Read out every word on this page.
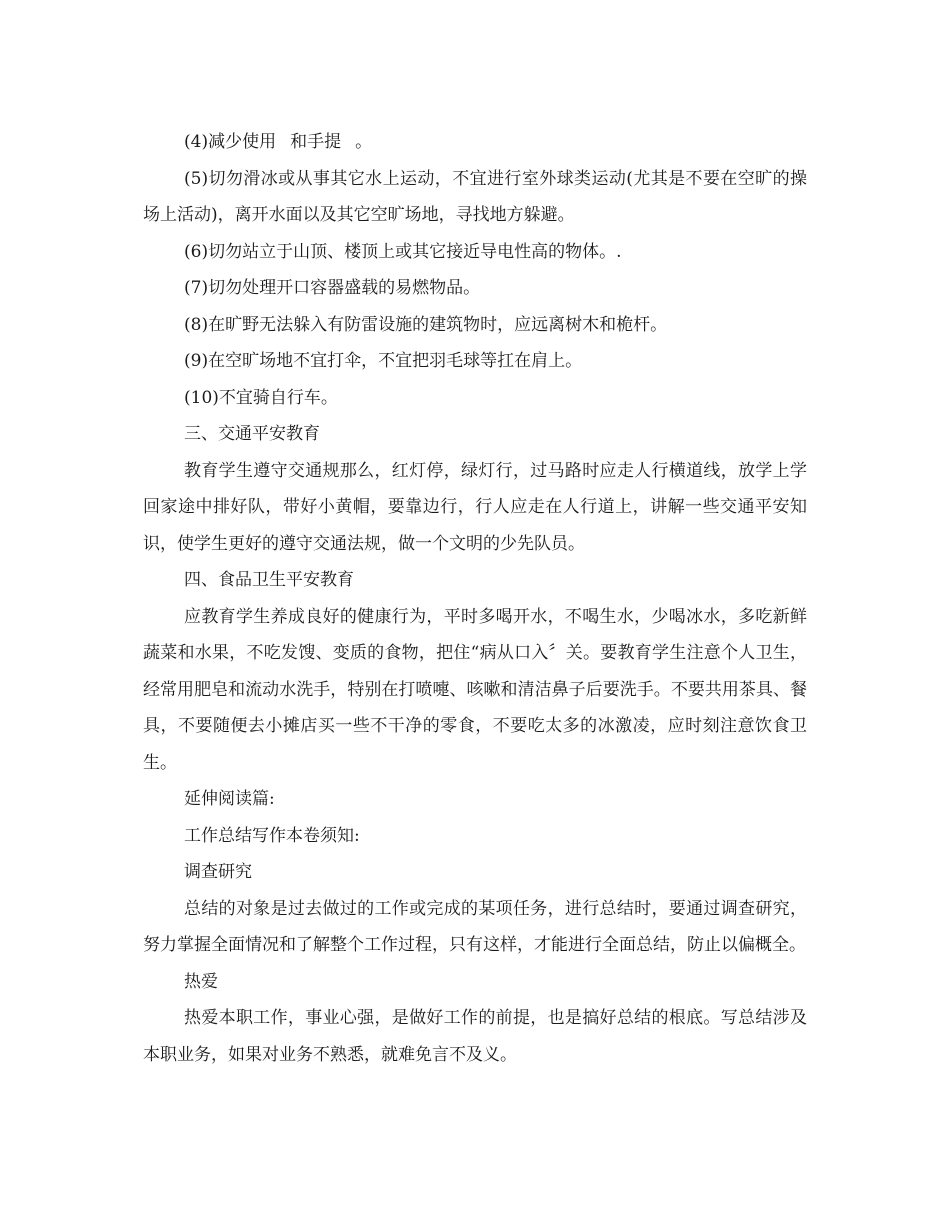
(4)减少使用 和手提 。

(5)切勿滑冰或从事其它水上运动，不宜进行室外球类运动(尤其是不要在空旷的操场上活动)，离开水面以及其它空旷场地，寻找地方躲避。

(6)切勿站立于山顶、楼顶上或其它接近导电性高的物体。.

(7)切勿处理开口容器盛载的易燃物品。

(8)在旷野无法躲入有防雷设施的建筑物时，应远离树木和桅杆。

(9)在空旷场地不宜打伞，不宜把羽毛球等扛在肩上。

(10)不宜骑自行车。

三、交通平安教育

教育学生遵守交通规那么，红灯停，绿灯行，过马路时应走人行横道线，放学上学回家途中排好队，带好小黄帽，要靠边行，行人应走在人行道上，讲解一些交通平安知识，使学生更好的遵守交通法规，做一个文明的少先队员。

四、食品卫生平安教育

应教育学生养成良好的健康行为，平时多喝开水，不喝生水，少喝冰水，多吃新鲜蔬菜和水果，不吃发馊、变质的食物，把住“病从口入〞关。要教育学生注意个人卫生，经常用肥皂和流动水洗手，特别在打喷嚏、咳嗽和清洁鼻子后要洗手。不要共用茶具、餐具，不要随便去小摊店买一些不干净的零食，不要吃太多的冰激凌，应时刻注意饮食卫生。

延伸阅读篇:

工作总结写作本卷须知:

调查研究

总结的对象是过去做过的工作或完成的某项任务，进行总结时，要通过调查研究，努力掌握全面情况和了解整个工作过程，只有这样，才能进行全面总结，防止以偏概全。

热爱

热爱本职工作，事业心强，是做好工作的前提，也是搞好总结的根底。写总结涉及本职业务，如果对业务不熟悉，就难免言不及义。
